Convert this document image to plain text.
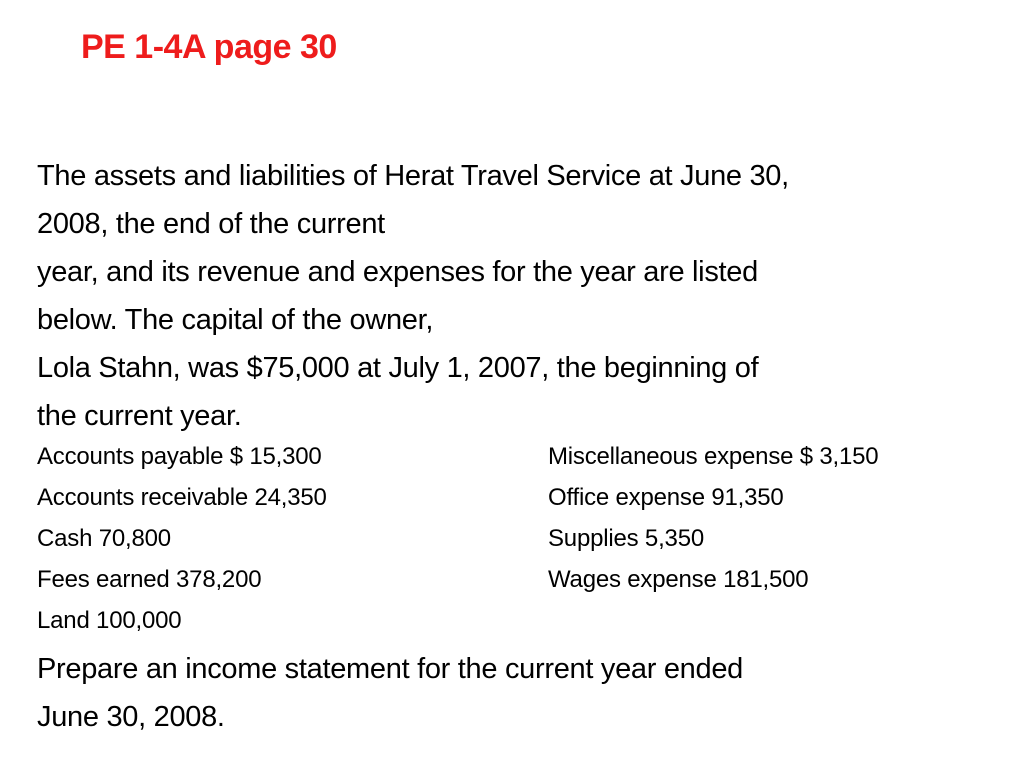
PE 1-4A page 30

The assets and liabilities of Herat Travel Service at June 30,

2008, the end of the current

year, and its revenue and expenses for the year are listed

below. The capital of the owner,

Lola Stahn, was $75,000 at July 1, 2007, the beginning of

the current year.

Accounts payable $ 15,300
Accounts receivable 24,350
Cash 70,800
Fees earned 378,200
Land 100,000
Miscellaneous expense $ 3,150
Office expense 91,350
Supplies 5,350
Wages expense 181,500

Prepare an income statement for the current year ended

June 30, 2008.
